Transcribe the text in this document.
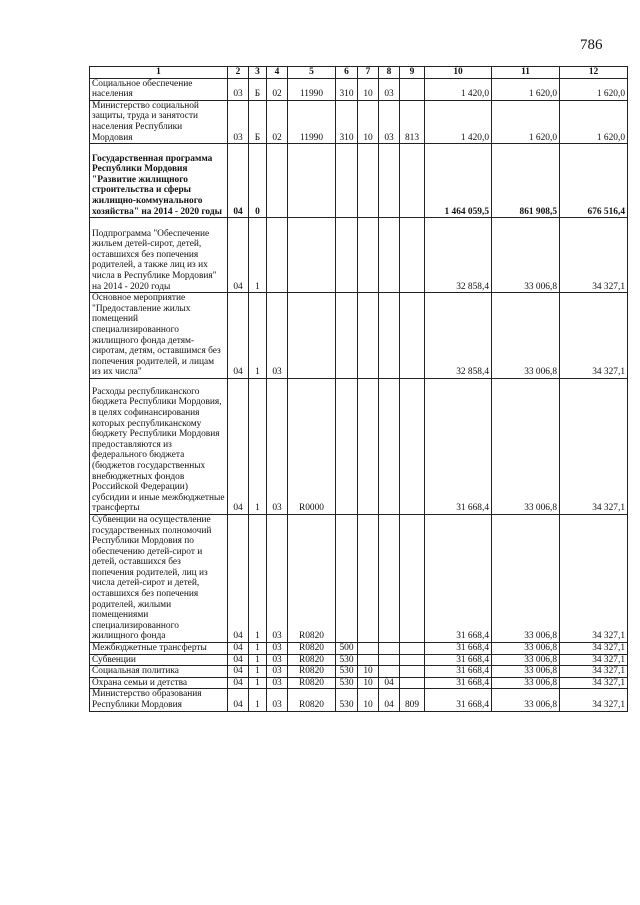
786
1	2	3	4	5	6	7	8	9	10	11	12
Социальное обеспечение населения	03	Б	02	11990	310	10	03		1 420,0	1 620,0	1 620,0
Министерство социальной защиты, труда и занятости населения Республики Мордовия	03	Б	02	11990	310	10	03	813	1 420,0	1 620,0	1 620,0
Государственная программа Республики Мордовия "Развитие жилищного строительства и сферы жилищно-коммунального хозяйства" на 2014 - 2020 годы	04	0							1 464 059,5	861 908,5	676 516,4
Подпрограмма "Обеспечение жильем детей-сирот, детей, оставшихся без попечения родителей, а также лиц из их числа в Республике Мордовия" на 2014 - 2020 годы	04	1							32 858,4	33 006,8	34 327,1
Основное мероприятие "Предоставление жилых помещений специализированного жилищного фонда детям-сиротам, детям, оставшимся без попечения родителей, и лицам из их числа"	04	1	03						32 858,4	33 006,8	34 327,1
Расходы республиканского бюджета Республики Мордовия, в целях софинансирования которых республиканскому бюджету Республики Мордовия предоставляются из федерального бюджета (бюджетов государственных внебюджетных фондов Российской Федерации) субсидии и иные межбюджетные трансферты	04	1	03	R0000					31 668,4	33 006,8	34 327,1
Субвенции на осуществление государственных полномочий Республики Мордовия по обеспечению детей-сирот и детей, оставшихся без попечения родителей, лиц из числа детей-сирот и детей, оставшихся без попечения родителей, жилыми помещениями специализированного жилищного фонда	04	1	03	R0820					31 668,4	33 006,8	34 327,1
Межбюджетные трансферты	04	1	03	R0820	500				31 668,4	33 006,8	34 327,1
Субвенции	04	1	03	R0820	530				31 668,4	33 006,8	34 327,1
Социальная политика	04	1	03	R0820	530	10			31 668,4	33 006,8	34 327,1
Охрана семьи и детства	04	1	03	R0820	530	10	04		31 668,4	33 006,8	34 327,1
Министерство образования Республики Мордовия	04	1	03	R0820	530	10	04	809	31 668,4	33 006,8	34 327,1
